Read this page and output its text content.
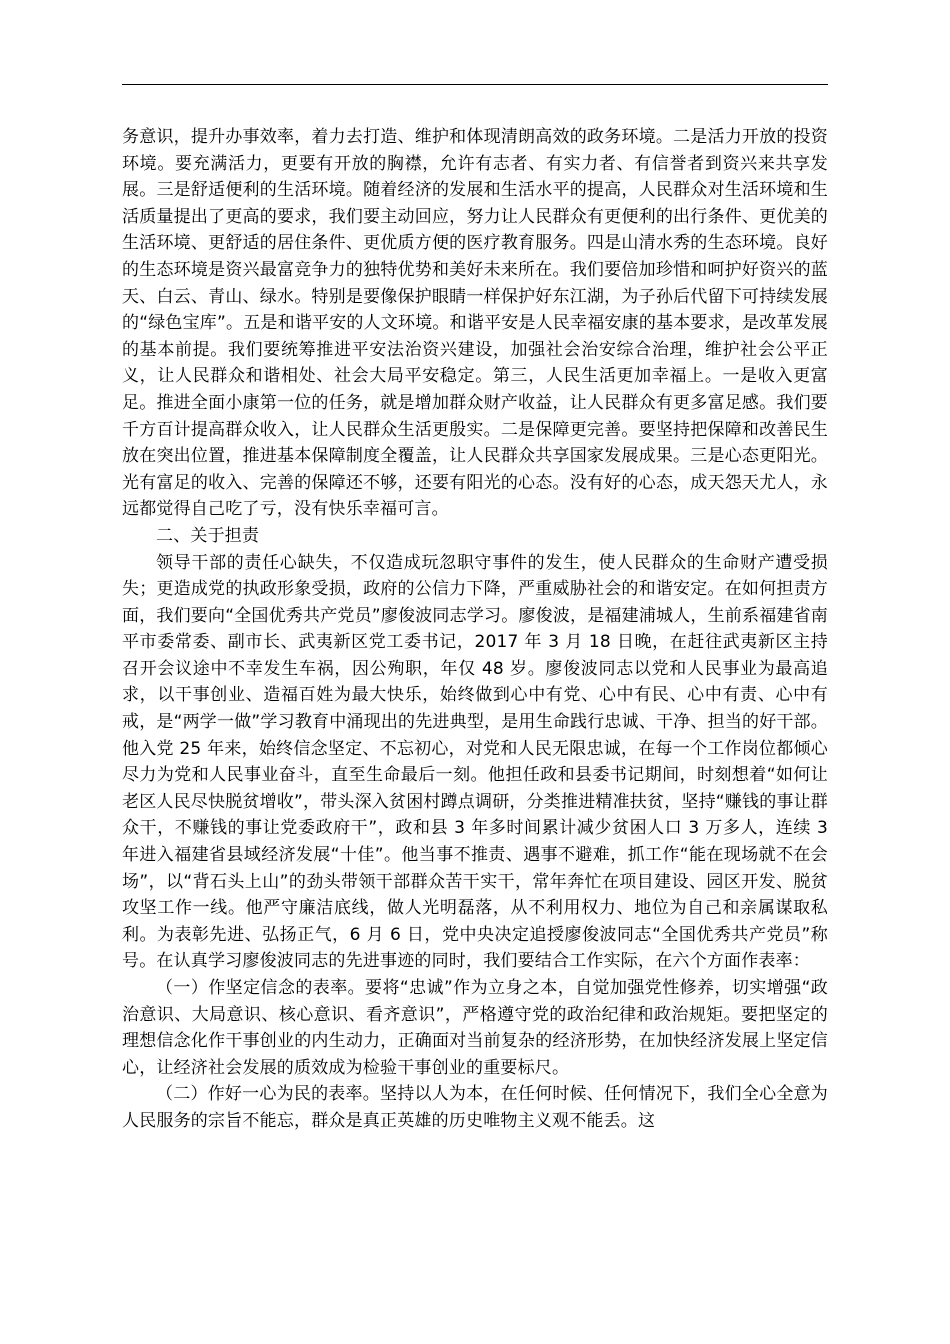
务意识，提升办事效率，着力去打造、维护和体现清朗高效的政务环境。二是活力开放的投资环境。要充满活力，更要有开放的胸襟，允许有志者、有实力者、有信誉者到资兴来共享发展。三是舒适便利的生活环境。随着经济的发展和生活水平的提高，人民群众对生活环境和生活质量提出了更高的要求，我们要主动回应，努力让人民群众有更便利的出行条件、更优美的生活环境、更舒适的居住条件、更优质方便的医疗教育服务。四是山清水秀的生态环境。良好的生态环境是资兴最富竞争力的独特优势和美好未来所在。我们要倍加珍惜和呵护好资兴的蓝天、白云、青山、绿水。特别是要像保护眼睛一样保护好东江湖，为子孙后代留下可持续发展的“绿色宝库”。五是和谐平安的人文环境。和谐平安是人民幸福安康的基本要求，是改革发展的基本前提。我们要统筹推进平安法治资兴建设，加强社会治安综合治理，维护社会公平正义，让人民群众和谐相处、社会大局平安稳定。第三，人民生活更加幸福上。一是收入更富足。推进全面小康第一位的任务，就是增加群众财产收益，让人民群众有更多富足感。我们要千方百计提高群众收入，让人民群众生活更殷实。二是保障更完善。要坚持把保障和改善民生放在突出位置，推进基本保障制度全覆盖，让人民群众共享国家发展成果。三是心态更阳光。光有富足的收入、完善的保障还不够，还要有阳光的心态。没有好的心态，成天怨天尤人，永远都觉得自己吃了亏，没有快乐幸福可言。

二、关于担责

领导干部的责任心缺失，不仅造成玩忽职守事件的发生，使人民群众的生命财产遭受损失；更造成党的执政形象受损，政府的公信力下降，严重威胁社会的和谐安定。在如何担责方面，我们要向“全国优秀共产党员”廖俊波同志学习。廖俊波，是福建浦城人，生前系福建省南平市委常委、副市长、武夷新区党工委书记，2017 年 3 月 18 日晚，在赶往武夷新区主持召开会议途中不幸发生车祸，因公殉职，年仅 48 岁。廖俊波同志以党和人民事业为最高追求，以干事创业、造福百姓为最大快乐，始终做到心中有党、心中有民、心中有责、心中有戒，是“两学一做”学习教育中涌现出的先进典型，是用生命践行忠诚、干净、担当的好干部。他入党 25 年来，始终信念坚定、不忘初心，对党和人民无限忠诚，在每一个工作岗位都倾心尽力为党和人民事业奋斗，直至生命最后一刻。他担任政和县委书记期间，时刻想着“如何让老区人民尽快脱贫增收”，带头深入贫困村蹲点调研，分类推进精准扶贫，坚持“赚钱的事让群众干，不赚钱的事让党委政府干”，政和县 3 年多时间累计减少贫困人口 3 万多人，连续 3 年进入福建省县域经济发展“十佳”。他当事不推责、遇事不避难，抓工作“能在现场就不在会场”，以“背石头上山”的劲头带领干部群众苦干实干，常年奔忙在项目建设、园区开发、脱贫攻坚工作一线。他严守廉洁底线，做人光明磊落，从不利用权力、地位为自己和亲属谋取私利。为表彰先进、弘扬正气，6 月 6 日，党中央决定追授廖俊波同志“全国优秀共产党员”称号。在认真学习廖俊波同志的先进事迹的同时，我们要结合工作实际，在六个方面作表率：

（一）作坚定信念的表率。要将“忠诚”作为立身之本，自觉加强党性修养，切实增强“政治意识、大局意识、核心意识、看齐意识”，严格遵守党的政治纪律和政治规矩。要把坚定的理想信念化作干事创业的内生动力，正确面对当前复杂的经济形势，在加快经济发展上坚定信心，让经济社会发展的质效成为检验干事创业的重要标尺。

（二）作好一心为民的表率。坚持以人为本，在任何时候、任何情况下，我们全心全意为人民服务的宗旨不能忘，群众是真正英雄的历史唯物主义观不能丢。这
